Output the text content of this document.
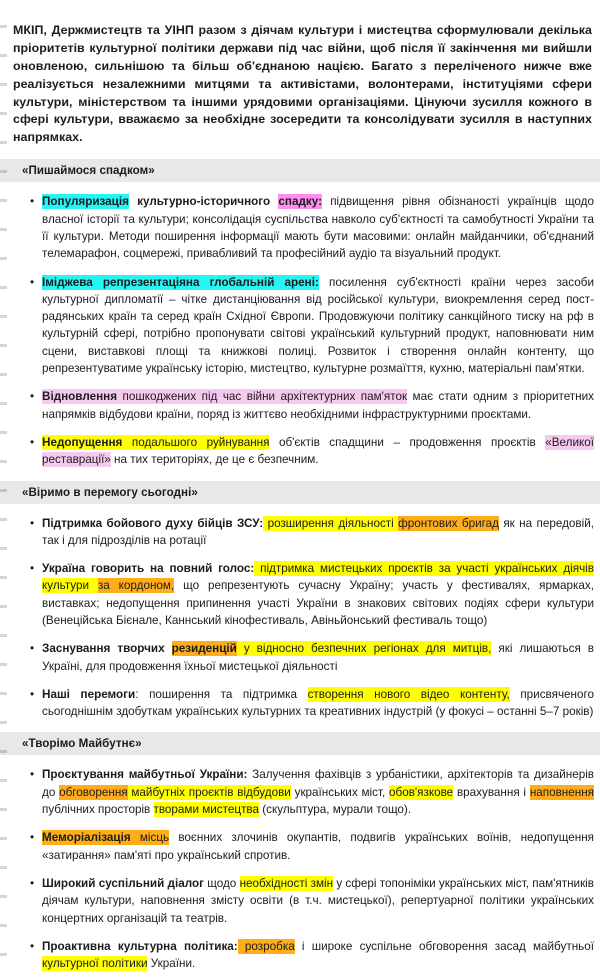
МКІП, Держмистецтв та УІНП разом з діячам культури і мистецтва сформулювали декілька пріоритетів культурної політики держави під час війни, щоб після її закінчення ми вийшли оновленою, сильнішою та більш об'єднаною нацією. Багато з переліченого нижче вже реалізується незалежними митцями та активістами, волонтерами, інституціями сфери культури, міністерством та іншими урядовими організаціями. Цінуючи зусилля кожного в сфері культури, вважаємо за необхідне зосередити та консолідувати зусилля в наступних напрямках.

«Пишаймося спадком»
• Популяризація культурно-історичного спадку: підвищення рівня обізнаності українців щодо власної історії та культури; консолідація суспільства навколо суб'єктності та самобутності України та її культури. Методи поширення інформації мають бути масовими: онлайн майданчики, об'єднаний телемарафон, соцмережі, привабливий та професійний аудіо та візуальний продукт.
• Іміджева репрезентаціяна глобальній арені: посилення суб'єктності країни через засоби культурної дипломатії – чітке дистанціювання від російської культури, виокремлення серед пост-радянських країн та серед країн Східної Європи. Продовжуючи політику санкційного тиску на рф в культурній сфері, потрібно пропонувати світові український культурний продукт, наповнювати ним сцени, виставкові площі та книжкові полиці. Розвиток і створення онлайн контенту, що репрезентуватиме українську історію, мистецтво, культурне розмаїття, кухню, матеріальні пам'ятки.
• Відновлення пошкоджених під час війни архітектурних пам'яток має стати одним з пріоритетних напрямків відбудови країни, поряд із життєво необхідними інфраструктурними проєктами.
• Недопущення подальшого руйнування об'єктів спадщини – продовження проєктів «Великої реставрації» на тих територіях, де це є безпечним.
«Віримо в перемогу сьогодні»
• Підтримка бойового духу бійців ЗСУ: розширення діяльності фронтових бригад як на передовій, так і для підрозділів на ротації
• Україна говорить на повний голос: підтримка мистецьких проєктів за участі українських діячів культури за кордоном, що репрезентують сучасну Україну; участь у фестивалях, ярмарках, виставках; недопущення припинення участі України в знакових світових подіях сфери культури (Венеційська Бієнале, Каннський кінофестиваль, Авіньйонський фестиваль тощо)
• Заснування творчих резиденцій у відносно безпечних регіонах для митців, які лишаються в Україні, для продовження їхньої мистецької діяльності
• Наші перемоги: поширення та підтримка створення нового відео контенту, присвяченого сьогоднішнім здобуткам українських культурних та креативних індустрій (у фокусі – останні 5–7 років)
«Творімо Майбутнє»
• Проєктування майбутньої України: Залучення фахівців з урбаністики, архітекторів та дизайнерів до обговорення майбутніх проєктів відбудови українських міст, обов'язкове врахування і наповнення публічних просторів творами мистецтва (скульптура, мурали тощо).
• Меморіалізація місць воєнних злочинів окупантів, подвигів українських воїнів, недопущення «затирання» пам'яті про український спротив.
• Широкий суспільний діалог щодо необхідності змін у сфері топоніміки українських міст, пам'ятників діячам культури, наповнення змісту освіти (в т.ч. мистецької), репертуарної політики українських концертних організацій та театрів.
• Проактивна культурна політика: розробка і широке суспільне обговорення засад майбутньої культурної політики України.
